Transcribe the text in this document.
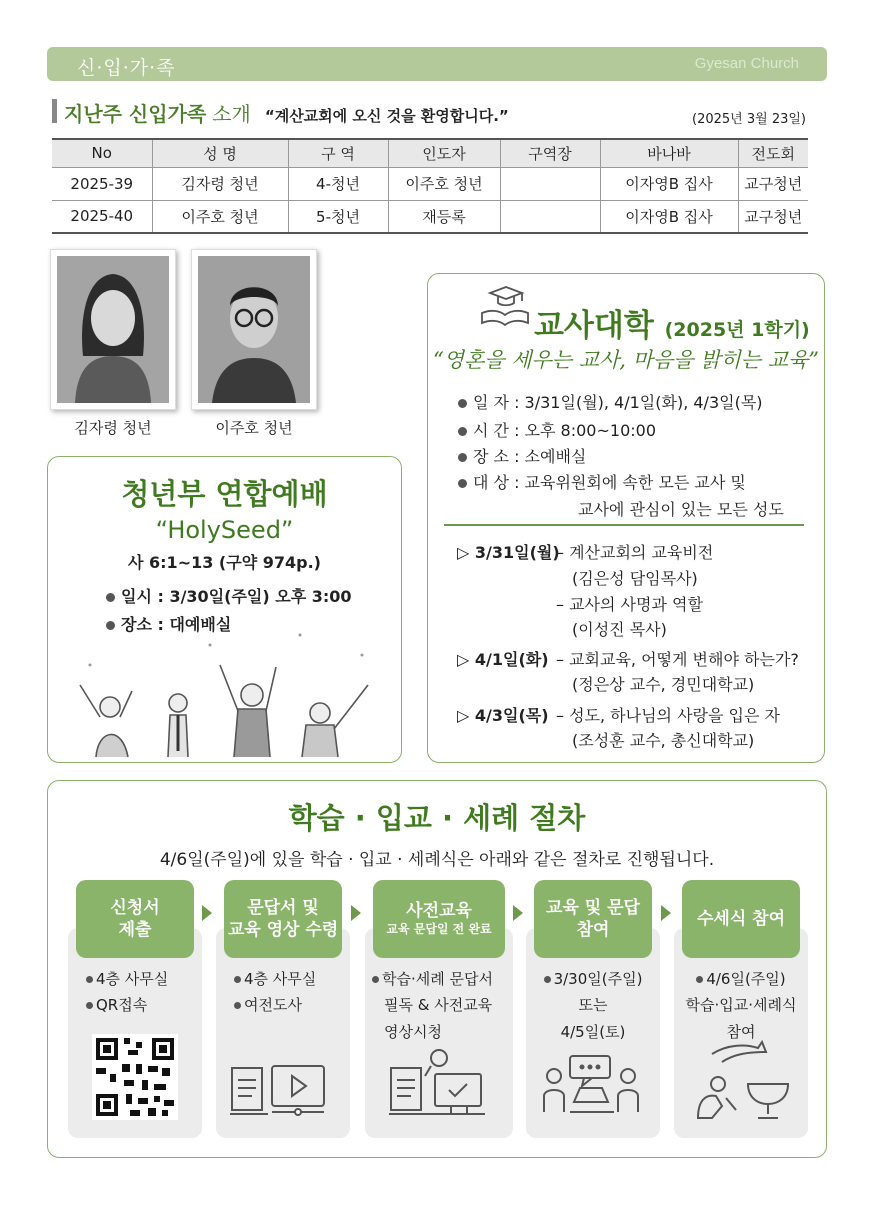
신·입·가·족	Gyesan Church
지난주 신입가족 소개 “계산교회에 오신 것을 환영합니다.”	(2025년 3월 23일)
No	성 명	구 역	인도자	구역장	바나바	전도회
2025-39	김자령 청년	4-청년	이주호 청년		이자영B 집사	교구청년
2025-40	이주호 청년	5-청년	재등록		이자영B 집사	교구청년
김자령 청년	이주호 청년
청년부 연합예배
“HolySeed”
사 6:1~13 (구약 974p.)
일시 : 3/30일(주일) 오후 3:00
장소 : 대예배실
교사대학 (2025년 1학기)
“영혼을 세우는 교사, 마음을 밝히는 교육”
일 자 : 3/31일(월), 4/1일(화), 4/3일(목)
시 간 : 오후 8:00~10:00
장 소 : 소예배실
대 상 : 교육위원회에 속한 모든 교사 및
교사에 관심이 있는 모든 성도
▷ 3/31일(월)
– 계산교회의 교육비전
(김은성 담임목사)
– 교사의 사명과 역할
(이성진 목사)
▷ 4/1일(화) – 교회교육, 어떻게 변해야 하는가?
(정은상 교수, 경민대학교)
▷ 4/3일(목) – 성도, 하나님의 사랑을 입은 자
(조성훈 교수, 총신대학교)
학습 · 입교 · 세례 절차
4/6일(주일)에 있을 학습 · 입교 · 세례식은 아래와 같은 절차로 진행됩니다.
신청서
제출
문답서 및
교육 영상 수령
사전교육
교육 문답일 전 완료
교육 및 문답
참여
수세식 참여
4층 사무실
QR접속
4층 사무실
여전도사
학습·세례 문답서
필독 & 사전교육
영상시청
3/30일(주일)
또는
4/5일(토)
4/6일(주일)
학습·입교·세례식
참여
